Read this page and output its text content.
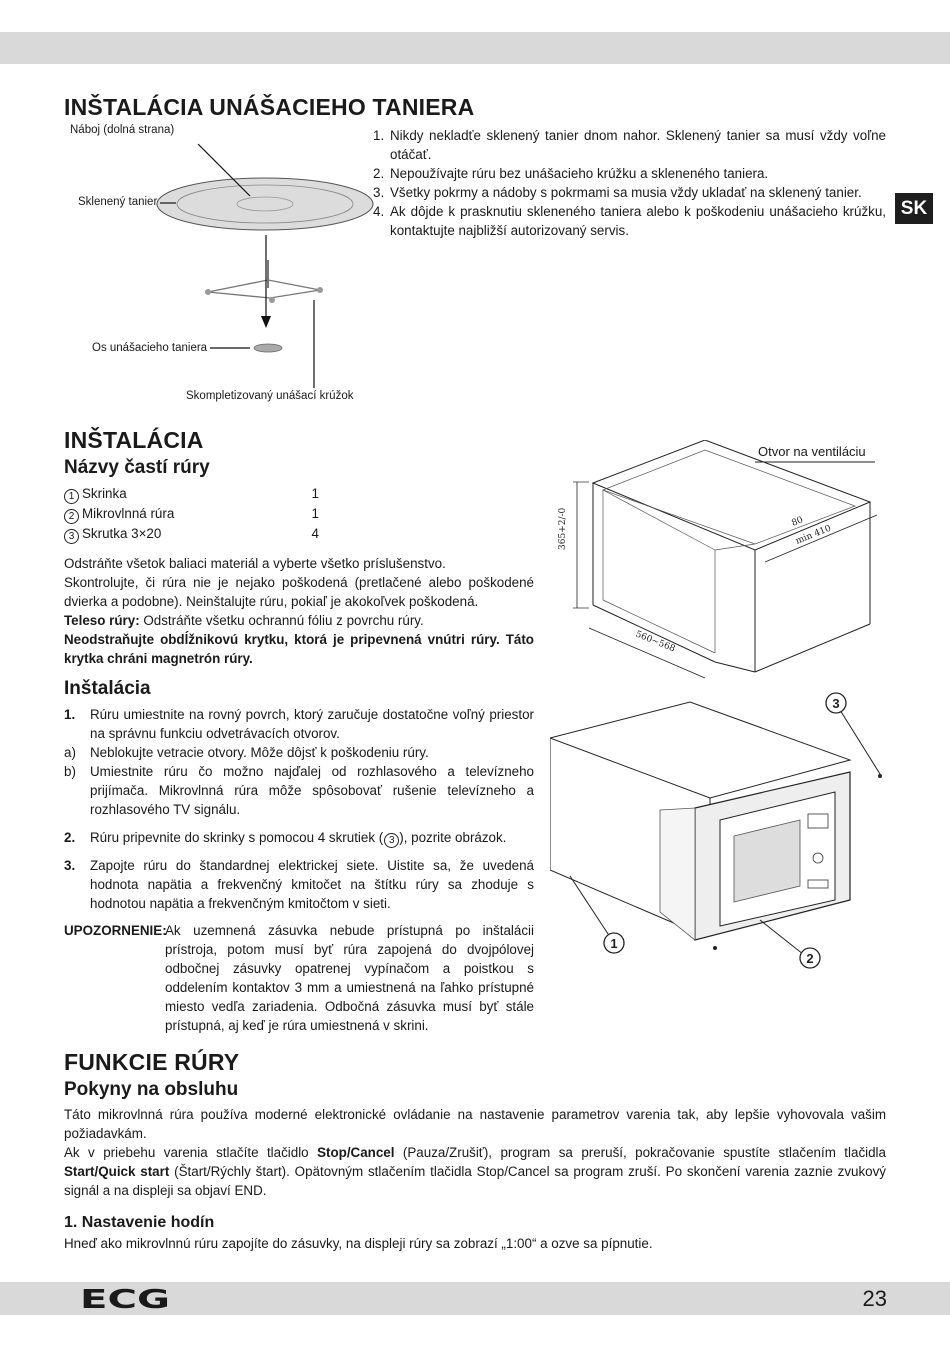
INŠTALÁCIA UNÁŠACIEHO TANIERA
Náboj (dolná strana)
Sklenený tanier
Os unášacieho taniera
Skompletizovaný unášací krúžok
1. Nikdy nekladťe sklenený tanier dnom nahor. Sklenený tanier sa musí vždy voľne otáčať.
2. Nepoužívajte rúru bez unášacieho krúžku a skleneného taniera.
3. Všetky pokrmy a nádoby s pokrmami sa musia vždy ukladať na sklenený tanier.
4. Ak dôjde k prasknutiu skleneného taniera alebo k poškodeniu unášacieho krúžku, kontaktujte najbližší autorizovaný servis.
SK
INŠTALÁCIA
Názvy častí rúry
1 Skrinka	1
2 Mikrovlnná rúra	1
3 Skrutka 3×20	4
Odstráňte všetok baliaci materiál a vyberte všetko príslušenstvo.
Skontrolujte, či rúra nie je nejako poškodená (pretlačené alebo poškodené dvierka a podobne). Neinštalujte rúru, pokiaľ je akokoľvek poškodená.
Teleso rúry: Odstráňte všetku ochrannú fóliu z povrchu rúry.
Neodstraňujte obdĺžnikovú krytku, ktorá je pripevnená vnútri rúry. Táto krytka chráni magnetrón rúry.
Inštalácia
1. Rúru umiestnite na rovný povrch, ktorý zaručuje dostatočne voľný priestor na správnu funkciu odvetrávacích otvorov.
a) Neblokujte vetracie otvory. Môže dôjsť k poškodeniu rúry.
b) Umiestnite rúru čo možno najďalej od rozhlasového a televízneho prijímača. Mikrovlnná rúra môže spôsobovať rušenie televízneho a rozhlasového TV signálu.
2. Rúru pripevnite do skrinky s pomocou 4 skrutiek ( 3 ), pozrite obrázok.
3. Zapojte rúru do štandardnej elektrickej siete. Uistite sa, že uvedená hodnota napätia a frekvenčný kmitočet na štítku rúry sa zhoduje s hodnotou napätia a frekvenčným kmitočtom v sieti.
UPOZORNENIE:
Ak uzemnená zásuvka nebude prístupná po inštalácii prístroja, potom musí byť rúra zapojená do dvojpólovej odbočnej zásuvky opatrenej vypínačom a poistkou s oddelením kontaktov 3 mm a umiestnená na ľahko prístupné miesto vedľa zariadenia. Odbočná zásuvka musí byť stále prístupná, aj keď je rúra umiestnená v skrini.
Otvor na ventiláciu
365+2/-0
560~568
80
min 410
3
1
2
FUNKCIE RÚRY
Pokyny na obsluhu
Táto mikrovlnná rúra používa moderné elektronické ovládanie na nastavenie parametrov varenia tak, aby lepšie vyhovovala vašim požiadavkám.
Ak v priebehu varenia stlačíte tlačidlo Stop/Cancel (Pauza/Zrušiť), program sa preruší, pokračovanie spustíte stlačením tlačidla Start/Quick start (Štart/Rýchly štart). Opätovným stlačením tlačidla Stop/Cancel sa program zruší. Po skončení varenia zaznie zvukový signál a na displeji sa objaví END.
1. Nastavenie hodín
Hneď ako mikrovlnnú rúru zapojíte do zásuvky, na displeji rúry sa zobrazí „1:00“ a ozve sa pípnutie.
ECG	23
